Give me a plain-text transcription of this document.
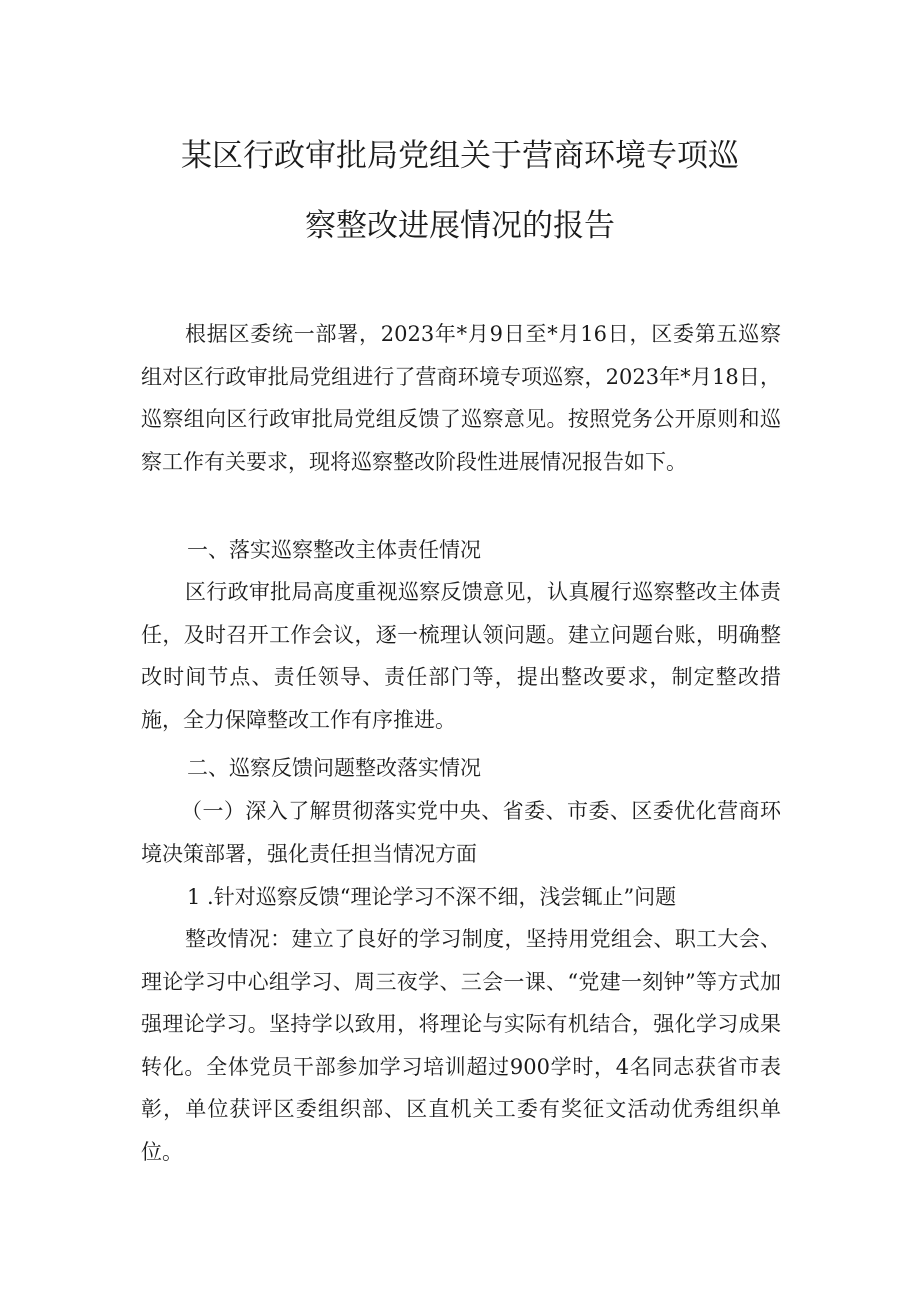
某区行政审批局党组关于营商环境专项巡
察整改进展情况的报告
根据区委统一部署，2023年*月9日至*月16日，区委第五巡察组对区行政审批局党组进行了营商环境专项巡察，2023年*月18日，巡察组向区行政审批局党组反馈了巡察意见。按照党务公开原则和巡察工作有关要求，现将巡察整改阶段性进展情况报告如下。
一、落实巡察整改主体责任情况
区行政审批局高度重视巡察反馈意见，认真履行巡察整改主体责任，及时召开工作会议，逐一梳理认领问题。建立问题台账，明确整改时间节点、责任领导、责任部门等，提出整改要求，制定整改措施，全力保障整改工作有序推进。
二、巡察反馈问题整改落实情况
（一）深入了解贯彻落实党中央、省委、市委、区委优化营商环境决策部署，强化责任担当情况方面
1 .针对巡察反馈“理论学习不深不细，浅尝辄止”问题
整改情况：建立了良好的学习制度，坚持用党组会、职工大会、理论学习中心组学习、周三夜学、三会一课、“党建一刻钟”等方式加强理论学习。坚持学以致用，将理论与实际有机结合，强化学习成果转化。全体党员干部参加学习培训超过900学时，4名同志获省市表彰，单位获评区委组织部、区直机关工委有奖征文活动优秀组织单位。
